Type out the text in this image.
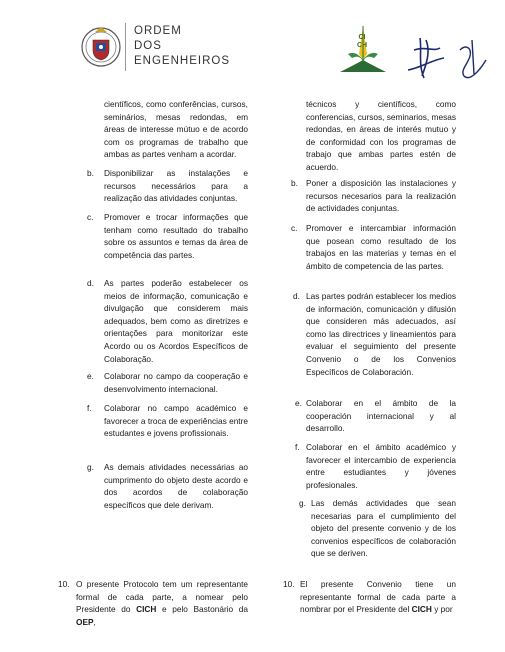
ORDEM
DOS
ENGENHEIROS
CICH
científicos, como conferências, cursos, seminários, mesas redondas, em áreas de interesse mútuo e de acordo com os programas de trabalho que ambas as partes venham a acordar.
b. Disponibilizar as instalações e recursos necessários para a realização das atividades conjuntas.
c. Promover e trocar informações que tenham como resultado do trabalho sobre os assuntos e temas da área de competência das partes.
d. As partes poderão estabelecer os meios de informação, comunicação e divulgação que considerem mais adequados, bem como as diretrizes e orientações para monitorizar este Acordo ou os Acordos Específicos de Colaboração.
e. Colaborar no campo da cooperação e desenvolvimento internacional.
f. Colaborar no campo académico e favorecer a troca de experiências entre estudantes e jovens profissionais.
g. As demais atividades necessárias ao cumprimento do objeto deste acordo e dos acordos de colaboração específicos que dele derivam.
10. O presente Protocolo tem um representante formal de cada parte, a nomear pelo Presidente do CICH e pelo Bastonário da OEP,
técnicos y científicos, como conferencias, cursos, seminarios, mesas redondas, en áreas de interés mutuo y de conformidad con los programas de trabajo que ambas partes estén de acuerdo.
b. Poner a disposición las instalaciones y recursos necesarios para la realización de actividades conjuntas.
c. Promover e intercambiar información que posean como resultado de los trabajos en las materias y temas en el ámbito de competencia de las partes.
d. Las partes podrán establecer los medios de información, comunicación y difusión que consideren más adecuados, así como las directrices y lineamientos para evaluar el seguimiento del presente Convenio o de los Convenios Específicos de Colaboración.
e. Colaborar en el ámbito de la cooperación internacional y al desarrollo.
f. Colaborar en el ámbito académico y favorecer el intercambio de experiencia entre estudiantes y jóvenes profesionales.
g. Las demás actividades que sean necesarias para el cumplimiento del objeto del presente convenio y de los convenios específicos de colaboración que se deriven.
10. El presente Convenio tiene un representante formal de cada parte a nombrar por el Presidente del CICH y por
